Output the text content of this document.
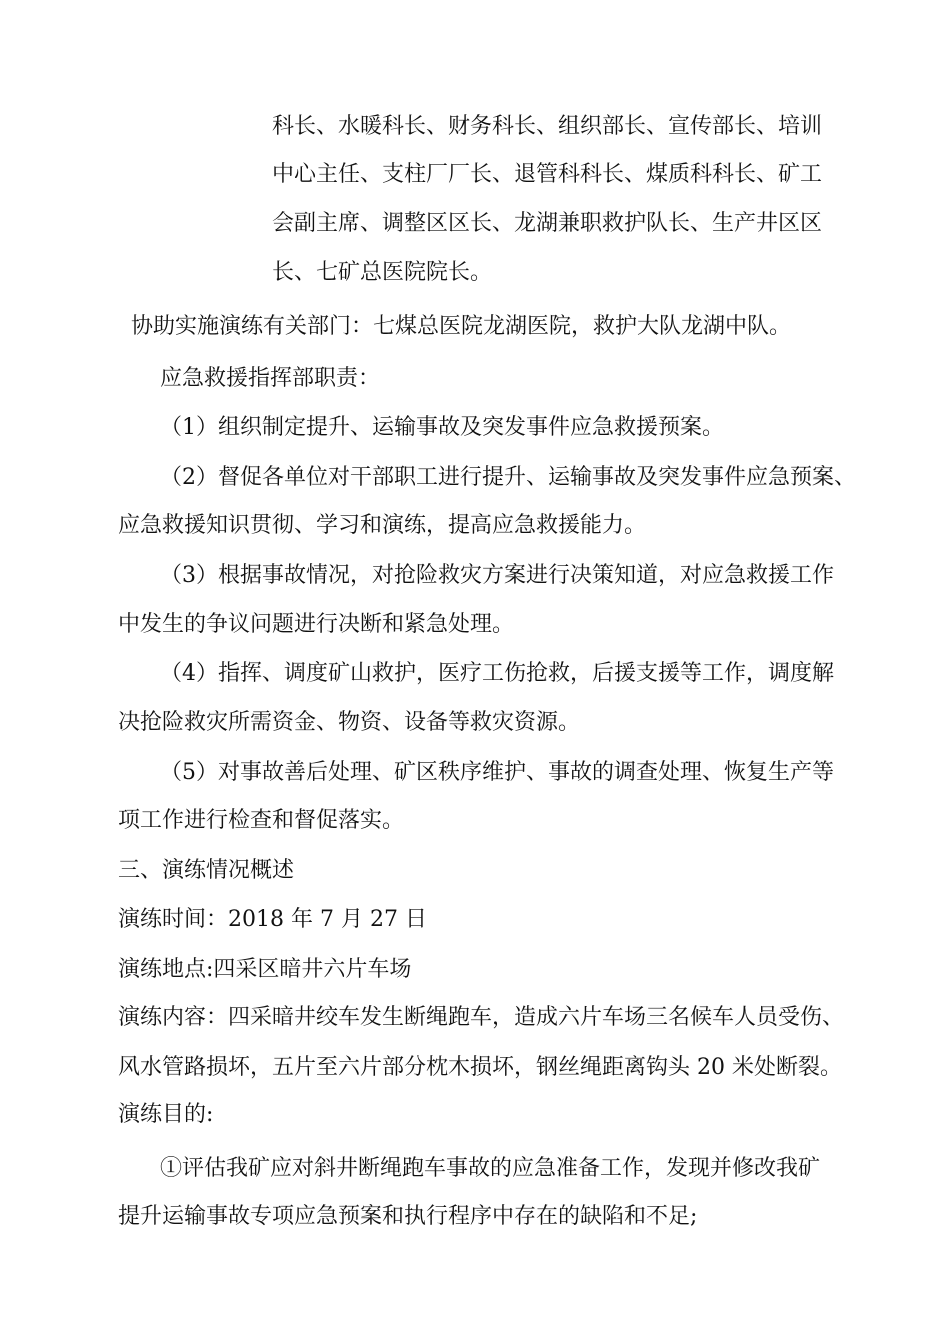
科长、水暖科长、财务科长、组织部长、宣传部长、培训
中心主任、支柱厂厂长、退管科科长、煤质科科长、矿工
会副主席、调整区区长、龙湖兼职救护队长、生产井区区
长、七矿总医院院长。
协助实施演练有关部门：七煤总医院龙湖医院，救护大队龙湖中队。
应急救援指挥部职责：
（1）组织制定提升、运输事故及突发事件应急救援预案。
（2）督促各单位对干部职工进行提升、运输事故及突发事件应急预案、
应急救援知识贯彻、学习和演练，提高应急救援能力。
（3）根据事故情况，对抢险救灾方案进行决策知道，对应急救援工作
中发生的争议问题进行决断和紧急处理。
（4）指挥、调度矿山救护，医疗工伤抢救，后援支援等工作，调度解
决抢险救灾所需资金、物资、设备等救灾资源。
（5）对事故善后处理、矿区秩序维护、事故的调查处理、恢复生产等
项工作进行检查和督促落实。
三、演练情况概述
演练时间：2018 年 7 月 27 日
演练地点:四采区暗井六片车场
演练内容：四采暗井绞车发生断绳跑车，造成六片车场三名候车人员受伤、
风水管路损坏，五片至六片部分枕木损坏，钢丝绳距离钩头 20 米处断裂。
演练目的:
①评估我矿应对斜井断绳跑车事故的应急准备工作，发现并修改我矿
提升运输事故专项应急预案和执行程序中存在的缺陷和不足;
